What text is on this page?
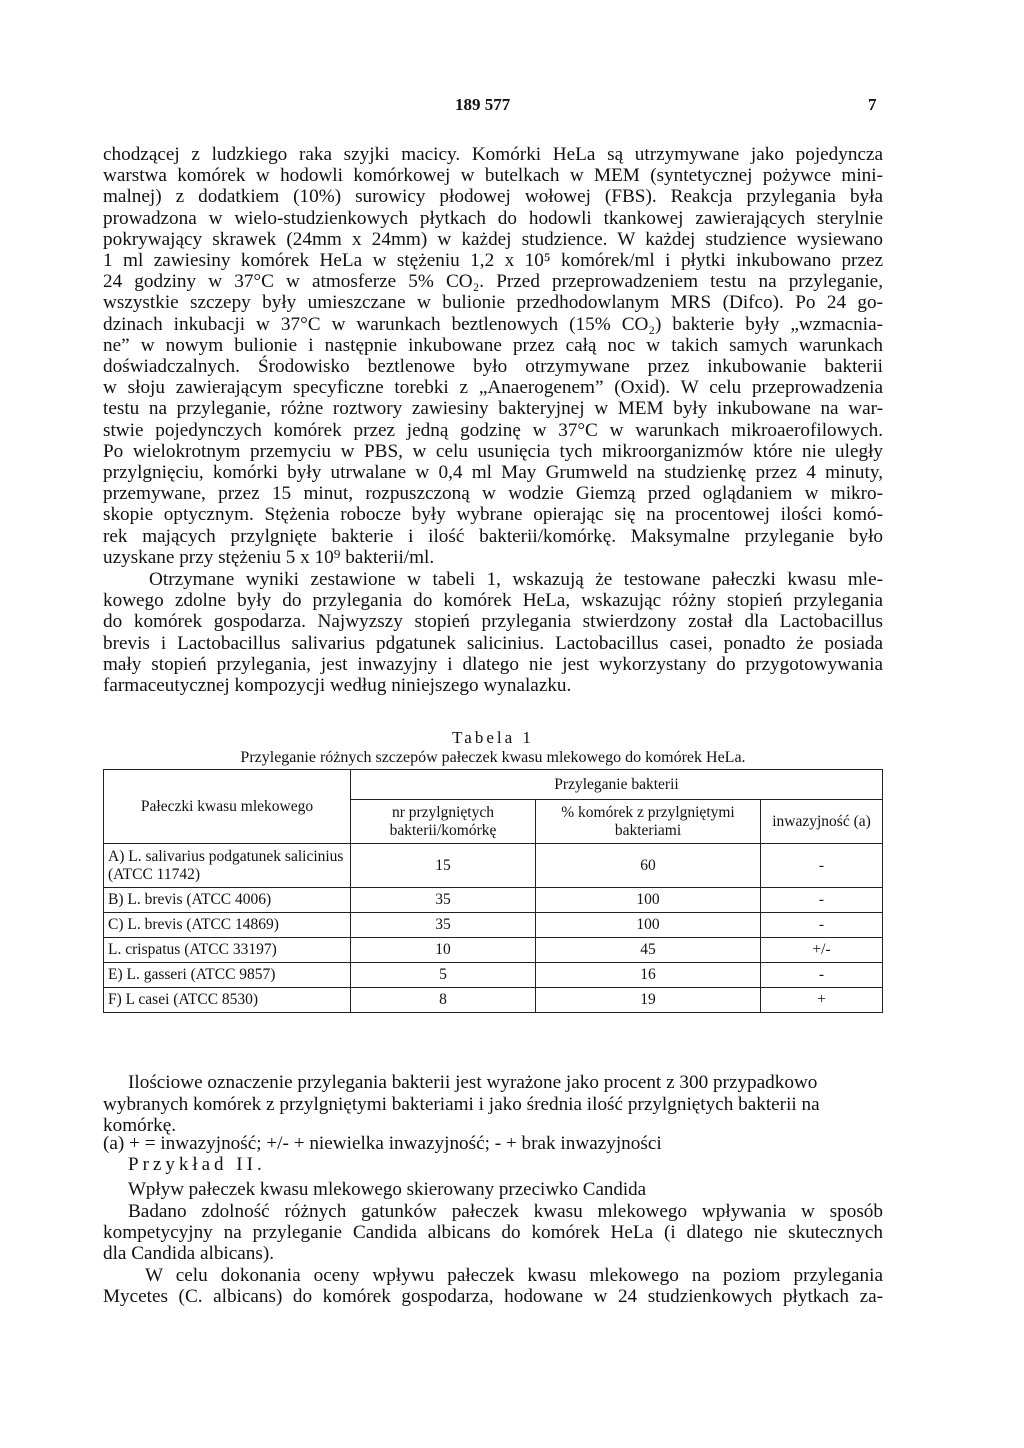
189 577	7
chodzącej z ludzkiego raka szyjki macicy. Komórki HeLa są utrzymywane jako pojedyncza
warstwa komórek w hodowli komórkowej w butelkach w MEM (syntetycznej pożywce mini-
malnej) z dodatkiem (10%) surowicy płodowej wołowej (FBS). Reakcja przylegania była
prowadzona w wielo-studzienkowych płytkach do hodowli tkankowej zawierających sterylnie
pokrywający skrawek (24mm x 24mm) w każdej studzience. W każdej studzience wysiewano
1 ml zawiesiny komórek HeLa w stężeniu 1,2 x 10⁵ komórek/ml i płytki inkubowano przez
24 godziny w 37°C w atmosferze 5% CO₂. Przed przeprowadzeniem testu na przyleganie,
wszystkie szczepy były umieszczane w bulionie przedhodowlanym MRS (Difco). Po 24 go-
dzinach inkubacji w 37°C w warunkach beztlenowych (15% CO₂) bakterie były „wzmacnia-
ne” w nowym bulionie i następnie inkubowane przez całą noc w takich samych warunkach
doświadczalnych. Środowisko beztlenowe było otrzymywane przez inkubowanie bakterii
w słoju zawierającym specyficzne torebki z „Anaerogenem” (Oxid). W celu przeprowadzenia
testu na przyleganie, różne roztwory zawiesiny bakteryjnej w MEM były inkubowane na war-
stwie pojedynczych komórek przez jedną godzinę w 37°C w warunkach mikroaerofilowych.
Po wielokrotnym przemyciu w PBS, w celu usunięcia tych mikroorganizmów które nie uległy
przylgnięciu, komórki były utrwalane w 0,4 ml May Grumweld na studzienkę przez 4 minuty,
przemywane, przez 15 minut, rozpuszczoną w wodzie Giemzą przed oglądaniem w mikro-
skopie optycznym. Stężenia robocze były wybrane opierając się na procentowej ilości komó-
rek mających przylgnięte bakterie i ilość bakterii/komórkę. Maksymalne przyleganie było
uzyskane przy stężeniu 5 x 10⁹ bakterii/ml.
Otrzymane wyniki zestawione w tabeli 1, wskazują że testowane pałeczki kwasu mle-
kowego zdolne były do przylegania do komórek HeLa, wskazując różny stopień przylegania
do komórek gospodarza. Najwyzszy stopień przylegania stwierdzony został dla Lactobacillus
brevis i Lactobacillus salivarius pdgatunek salicinius. Lactobacillus casei, ponadto że posiada
mały stopień przylegania, jest inwazyjny i dlatego nie jest wykorzystany do przygotowywania
farmaceutycznej kompozycji według niniejszego wynalazku.
Tabela 1
Przyleganie różnych szczepów pałeczek kwasu mlekowego do komórek HeLa.
Pałeczki kwasu mlekowego	Przyleganie bakterii		
	nr przylgniętych bakterii/komórkę	% komórek z przylgniętymi bakteriami	inwazyjność (a)
A) L. salivarius podgatunek salicinius (ATCC 11742)	15	60	-
B) L. brevis (ATCC 4006)	35	100	-
C) L. brevis (ATCC 14869)	35	100	-
L. crispatus (ATCC 33197)	10	45	+/-
E) L. gasseri (ATCC 9857)	5	16	-
F) L casei (ATCC 8530)	8	19	+
Ilościowe oznaczenie przylegania bakterii jest wyrażone jako procent z 300 przypadkowo
wybranych komórek z przylgniętymi bakteriami i jako średnia ilość przylgniętych bakterii na
komórkę.
(a) + = inwazyjność; +/- + niewielka inwazyjność; - + brak inwazyjności
Przykład II.
Wpływ pałeczek kwasu mlekowego skierowany przeciwko Candida
Badano zdolność różnych gatunków pałeczek kwasu mlekowego wpływania w sposób
kompetycyjny na przyleganie Candida albicans do komórek HeLa (i dlatego nie skutecznych
dla Candida albicans).
W celu dokonania oceny wpływu pałeczek kwasu mlekowego na poziom przylegania
Mycetes (C. albicans) do komórek gospodarza, hodowane w 24 studzienkowych płytkach za-
